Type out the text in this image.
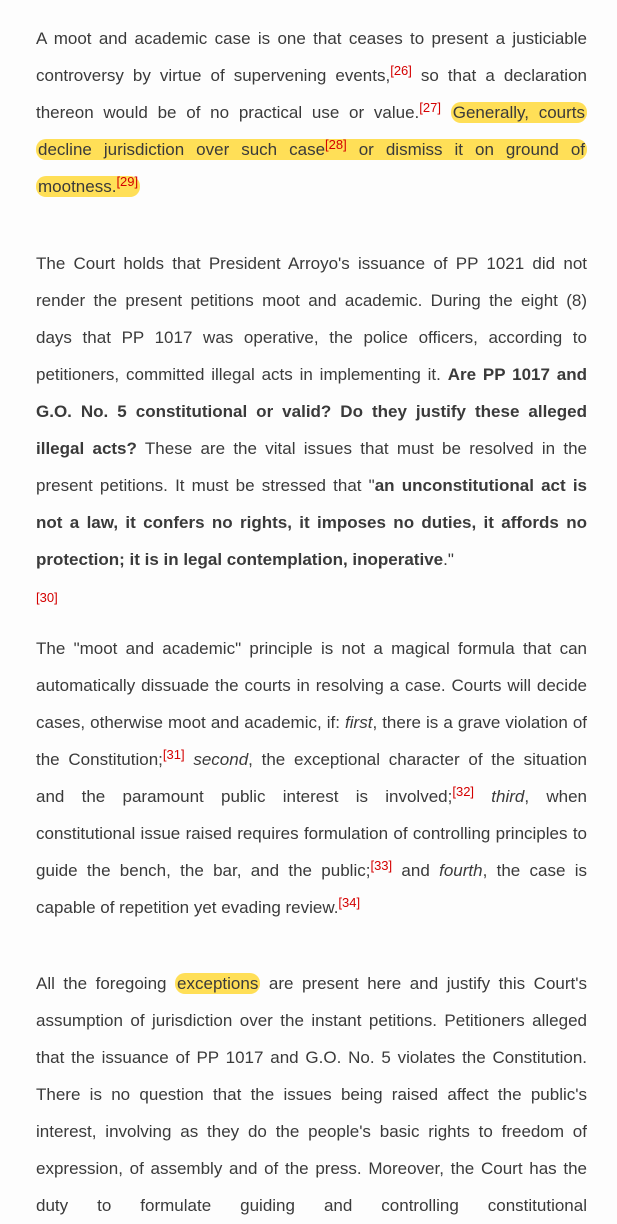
A moot and academic case is one that ceases to present a justiciable controversy by virtue of supervening events,[26] so that a declaration thereon would be of no practical use or value.[27] Generally, courts decline jurisdiction over such case[28] or dismiss it on ground of mootness.[29]

The Court holds that President Arroyo's issuance of PP 1021 did not render the present petitions moot and academic. During the eight (8) days that PP 1017 was operative, the police officers, according to petitioners, committed illegal acts in implementing it. Are PP 1017 and G.O. No. 5 constitutional or valid? Do they justify these alleged illegal acts? These are the vital issues that must be resolved in the present petitions. It must be stressed that "an unconstitutional act is not a law, it confers no rights, it imposes no duties, it affords no protection; it is in legal contemplation, inoperative."
[30]

The "moot and academic" principle is not a magical formula that can automatically dissuade the courts in resolving a case. Courts will decide cases, otherwise moot and academic, if: first, there is a grave violation of the Constitution;[31] second, the exceptional character of the situation and the paramount public interest is involved;[32] third, when constitutional issue raised requires formulation of controlling principles to guide the bench, the bar, and the public;[33] and fourth, the case is capable of repetition yet evading review.[34]

All the foregoing exceptions are present here and justify this Court's assumption of jurisdiction over the instant petitions. Petitioners alleged that the issuance of PP 1017 and G.O. No. 5 violates the Constitution. There is no question that the issues being raised affect the public's interest, involving as they do the people's basic rights to freedom of expression, of assembly and of the press. Moreover, the Court has the duty to formulate guiding and controlling constitutional
